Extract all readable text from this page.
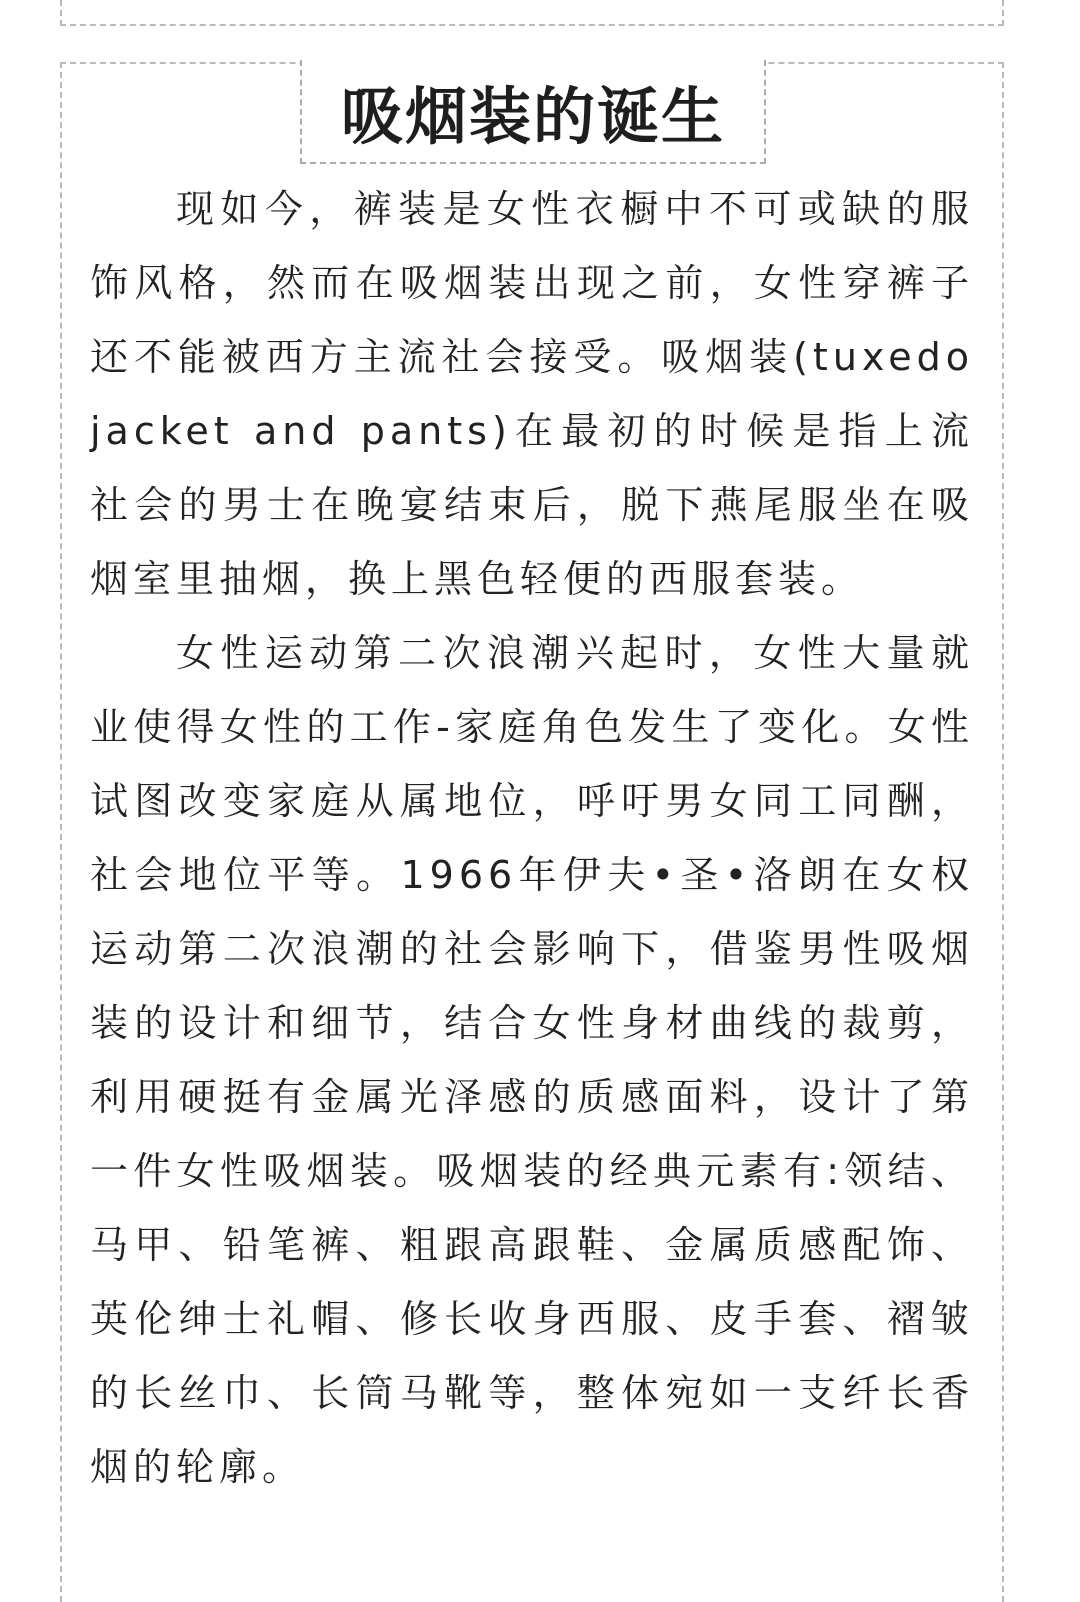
吸烟装的诞生

现如今，裤装是女性衣橱中不可或缺的服饰风格，然而在吸烟装出现之前，女性穿裤子还不能被西方主流社会接受。吸烟装(tuxedo jacket and pants)在最初的时候是指上流社会的男士在晚宴结束后，脱下燕尾服坐在吸烟室里抽烟，换上黑色轻便的西服套装。

女性运动第二次浪潮兴起时，女性大量就业使得女性的工作-家庭角色发生了变化。女性试图改变家庭从属地位，呼吁男女同工同酬，社会地位平等。1966年伊夫•圣•洛朗在女权运动第二次浪潮的社会影响下，借鉴男性吸烟装的设计和细节，结合女性身材曲线的裁剪，利用硬挺有金属光泽感的质感面料，设计了第一件女性吸烟装。吸烟装的经典元素有:领结、马甲、铅笔裤、粗跟高跟鞋、金属质感配饰、英伦绅士礼帽、修长收身西服、皮手套、褶皱的长丝巾、长筒马靴等，整体宛如一支纤长香烟的轮廓。
